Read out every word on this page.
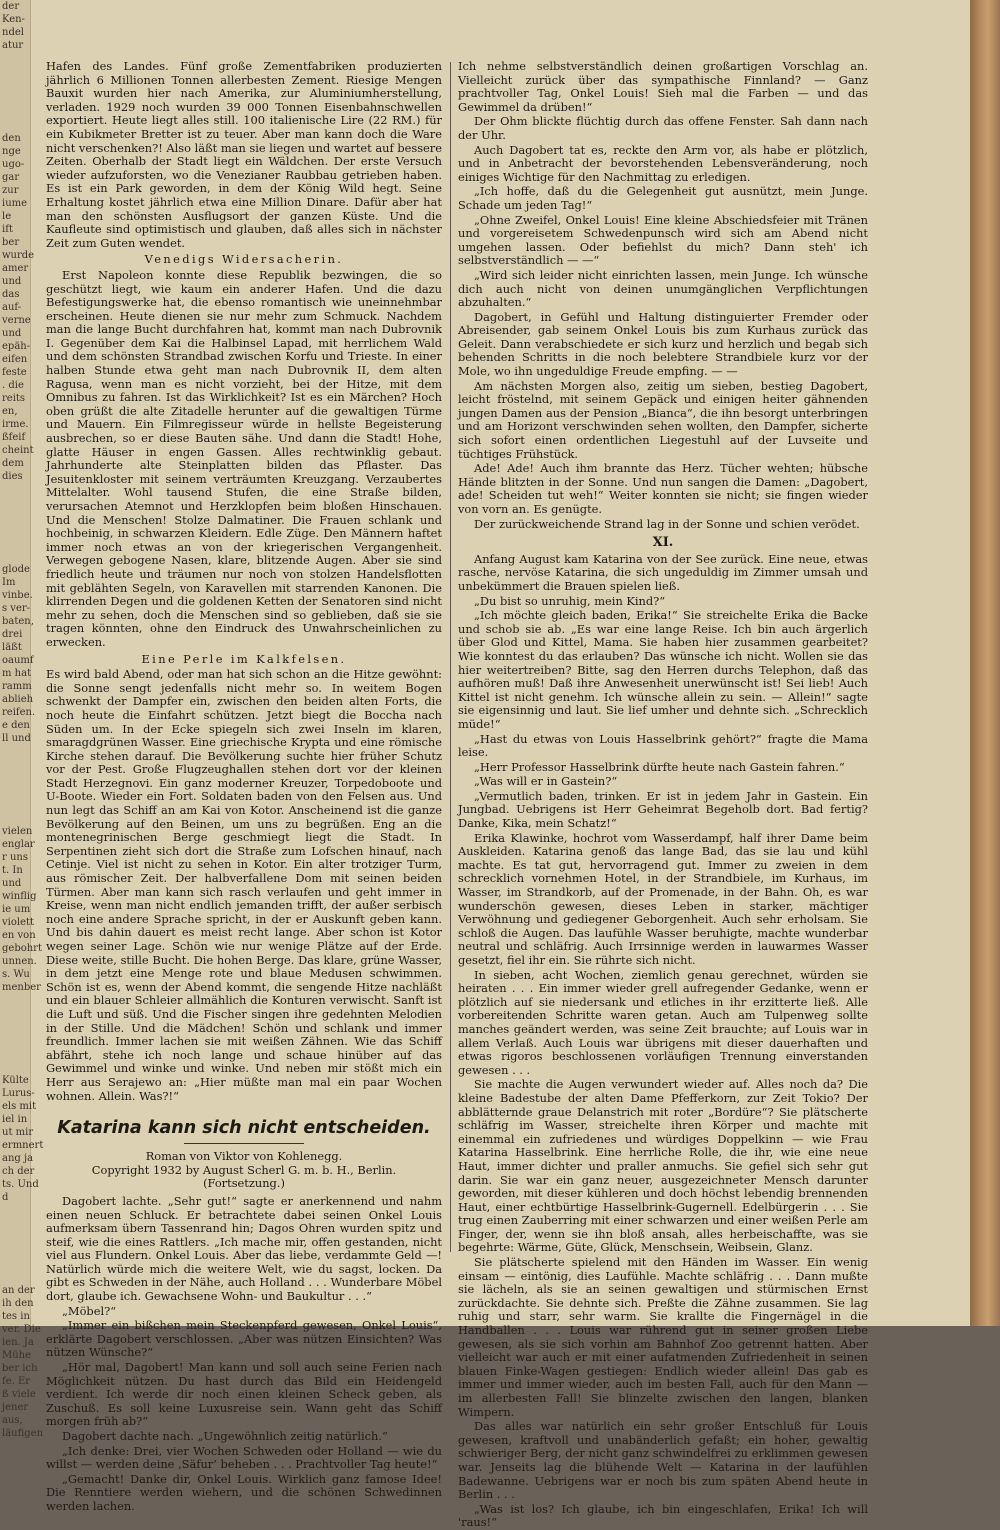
der
Ken-
ndel
atur
den
nge
ugo-
gar
zur
iume
le
ift
ber
wurde
amer
und
das
auf-
verne
und
epäh-
eifen
feste
. die
reits
en,
irme.
ßfeif
cheint
dem
dies
glode
Im
vinbe.
s ver-
baten,
drei
läßt
oaumf
m hat
ramm
ablieh
reifen.
e den
ll und
vielen
englar
r uns
t. In
und
winflig
ie um
violett
en von
gebohrt
unnen.
s. Wu
menber
Külte
Lurus-
els mit
iel in
ut mir
ermnert
ang ja
ch der
ts. Und
d
an der
ih den
tes in
ver. Die
ien. Ja
Mühe
ber ich
fe. Er
ß viele
jener
aus,
läufigen

Hafen des Landes. Fünf große Zementfabriken produzierten jährlich 6 Millionen Tonnen allerbesten Zement. Riesige Mengen Bauxit wurden hier nach Amerika, zur Aluminiumherstellung, verladen. 1929 noch wurden 39 000 Tonnen Eisenbahnschwellen exportiert. Heute liegt alles still. 100 italienische Lire (22 RM.) für ein Kubikmeter Bretter ist zu teuer. Aber man kann doch die Ware nicht verschenken?! Also läßt man sie liegen und wartet auf bessere Zeiten. Oberhalb der Stadt liegt ein Wäldchen. Der erste Versuch wieder aufzuforsten, wo die Venezianer Raubbau getrieben haben. Es ist ein Park geworden, in dem der König Wild hegt. Seine Erhaltung kostet jährlich etwa eine Million Dinare. Dafür aber hat man den schönsten Ausflugsort der ganzen Küste. Und die Kaufleute sind optimistisch und glauben, daß alles sich in nächster Zeit zum Guten wendet.

Venedigs Widersacherin.

Erst Napoleon konnte diese Republik bezwingen, die so geschützt liegt, wie kaum ein anderer Hafen. Und die dazu Befestigungswerke hat, die ebenso romantisch wie uneinnehmbar erscheinen. Heute dienen sie nur mehr zum Schmuck. Nachdem man die lange Bucht durchfahren hat, kommt man nach Dubrovnik I. Gegenüber dem Kai die Halbinsel Lapad, mit herrlichem Wald und dem schönsten Strandbad zwischen Korfu und Trieste. In einer halben Stunde etwa geht man nach Dubrovnik II, dem alten Ragusa, wenn man es nicht vorzieht, bei der Hitze, mit dem Omnibus zu fahren. Ist das Wirklichkeit? Ist es ein Märchen? Hoch oben grüßt die alte Zitadelle herunter auf die gewaltigen Türme und Mauern. Ein Filmregisseur würde in hellste Begeisterung ausbrechen, so er diese Bauten sähe. Und dann die Stadt! Hohe, glatte Häuser in engen Gassen. Alles rechtwinklig gebaut. Jahrhunderte alte Steinplatten bilden das Pflaster. Das Jesuitenkloster mit seinem verträumten Kreuzgang. Verzaubertes Mittelalter. Wohl tausend Stufen, die eine Straße bilden, verursachen Atemnot und Herzklopfen beim bloßen Hinschauen. Und die Menschen! Stolze Dalmatiner. Die Frauen schlank und hochbeinig, in schwarzen Kleidern. Edle Züge. Den Männern haftet immer noch etwas an von der kriegerischen Vergangenheit. Verwegen gebogene Nasen, klare, blitzende Augen. Aber sie sind friedlich heute und träumen nur noch von stolzen Handelsflotten mit geblähten Segeln, von Karavellen mit starrenden Kanonen. Die klirrenden Degen und die goldenen Ketten der Senatoren sind nicht mehr zu sehen, doch die Menschen sind so geblieben, daß sie sie tragen könnten, ohne den Eindruck des Unwahrscheinlichen zu erwecken.

Eine Perle im Kalkfelsen.

Es wird bald Abend, oder man hat sich schon an die Hitze gewöhnt: die Sonne sengt jedenfalls nicht mehr so. In weitem Bogen schwenkt der Dampfer ein, zwischen den beiden alten Forts, die noch heute die Einfahrt schützen. Jetzt biegt die Boccha nach Süden um. In der Ecke spiegeln sich zwei Inseln im klaren, smaragdgrünen Wasser. Eine griechische Krypta und eine römische Kirche stehen darauf. Die Bevölkerung suchte hier früher Schutz vor der Pest. Große Flugzeughallen stehen dort vor der kleinen Stadt Herzegnovi. Ein ganz moderner Kreuzer, Torpedoboote und U-Boote. Wieder ein Fort. Soldaten baden von den Felsen aus. Und nun legt das Schiff an am Kai von Kotor. Anscheinend ist die ganze Bevölkerung auf den Beinen, um uns zu begrüßen. Eng an die montenegrinischen Berge geschmiegt liegt die Stadt. In Serpentinen zieht sich dort die Straße zum Lofschen hinauf, nach Cetinje. Viel ist nicht zu sehen in Kotor. Ein alter trotziger Turm, aus römischer Zeit. Der halbverfallene Dom mit seinen beiden Türmen. Aber man kann sich rasch verlaufen und geht immer in Kreise, wenn man nicht endlich jemanden trifft, der außer serbisch noch eine andere Sprache spricht, in der er Auskunft geben kann. Und bis dahin dauert es meist recht lange. Aber schon ist Kotor wegen seiner Lage. Schön wie nur wenige Plätze auf der Erde. Diese weite, stille Bucht. Die hohen Berge. Das klare, grüne Wasser, in dem jetzt eine Menge rote und blaue Medusen schwimmen. Schön ist es, wenn der Abend kommt, die sengende Hitze nachläßt und ein blauer Schleier allmählich die Konturen verwischt. Sanft ist die Luft und süß. Und die Fischer singen ihre gedehnten Melodien in der Stille. Und die Mädchen! Schön und schlank und immer freundlich. Immer lachen sie mit weißen Zähnen. Wie das Schiff abfährt, stehe ich noch lange und schaue hinüber auf das Gewimmel und winke und winke. Und neben mir stößt mich ein Herr aus Serajewo an: „Hier müßte man mal ein paar Wochen wohnen. Allein. Was?!“

Katarina kann sich nicht entscheiden.

Roman von Viktor von Kohlenegg.

Copyright 1932 by August Scherl G. m. b. H., Berlin.

(Fortsetzung.)

Dagobert lachte. „Sehr gut!“ sagte er anerkennend und nahm einen neuen Schluck. Er betrachtete dabei seinen Onkel Louis aufmerksam übern Tassenrand hin; Dagos Ohren wurden spitz und steif, wie die eines Rattlers. „Ich mache mir, offen gestanden, nicht viel aus Flundern. Onkel Louis. Aber das liebe, verdammte Geld —! Natürlich würde mich die weitere Welt, wie du sagst, locken. Da gibt es Schweden in der Nähe, auch Holland . . . Wunderbare Möbel dort, glaube ich. Gewachsene Wohn- und Baukultur . . .“

„Möbel?“

„Immer ein bißchen mein Steckenpferd gewesen, Onkel Louis“, erklärte Dagobert verschlossen. „Aber was nützen Einsichten? Was nützen Wünsche?“

„Hör mal, Dagobert! Man kann und soll auch seine Ferien nach Möglichkeit nützen. Du hast durch das Bild ein Heidengeld verdient. Ich werde dir noch einen kleinen Scheck geben, als Zuschuß. Es soll keine Luxusreise sein. Wann geht das Schiff morgen früh ab?“

Dagobert dachte nach. „Ungewöhnlich zeitig natürlich.“

„Ich denke: Drei, vier Wochen Schweden oder Holland — wie du willst — werden deine ‚Säfur‘ beheben . . . Prachtvoller Tag heute!“

„Gemacht! Danke dir, Onkel Louis. Wirklich ganz famose Idee! Die Renntiere werden wiehern, und die schönen Schwedinnen werden lachen.

Ich nehme selbstverständlich deinen großartigen Vorschlag an. Vielleicht zurück über das sympathische Finnland? — Ganz prachtvoller Tag, Onkel Louis! Sieh mal die Farben — und das Gewimmel da drüben!“

Der Ohm blickte flüchtig durch das offene Fenster. Sah dann nach der Uhr.

Auch Dagobert tat es, reckte den Arm vor, als habe er plötzlich, und in Anbetracht der bevorstehenden Lebensveränderung, noch einiges Wichtige für den Nachmittag zu erledigen.

„Ich hoffe, daß du die Gelegenheit gut ausnützt, mein Junge. Schade um jeden Tag!“

„Ohne Zweifel, Onkel Louis! Eine kleine Abschiedsfeier mit Tränen und vorgereisetem Schwedenpunsch wird sich am Abend nicht umgehen lassen. Oder befiehlst du mich? Dann steh' ich selbstverständlich — —“

„Wird sich leider nicht einrichten lassen, mein Junge. Ich wünsche dich auch nicht von deinen unumgänglichen Verpflichtungen abzuhalten.“

Dagobert, in Gefühl und Haltung distinguierter Fremder oder Abreisender, gab seinem Onkel Louis bis zum Kurhaus zurück das Geleit. Dann verabschiedete er sich kurz und herzlich und begab sich behenden Schritts in die noch belebtere Strandbiele kurz vor der Mole, wo ihn ungeduldige Freude empfing. — —

Am nächsten Morgen also, zeitig um sieben, bestieg Dagobert, leicht fröstelnd, mit seinem Gepäck und einigen heiter gähnenden jungen Damen aus der Pension „Bianca“, die ihn besorgt unterbringen und am Horizont verschwinden sehen wollten, den Dampfer, sicherte sich sofort einen ordentlichen Liegestuhl auf der Luvseite und tüchtiges Frühstück.

Ade! Ade! Auch ihm brannte das Herz. Tücher wehten; hübsche Hände blitzten in der Sonne. Und nun sangen die Damen: „Dagobert, ade! Scheiden tut weh!“ Weiter konnten sie nicht; sie fingen wieder von vorn an. Es genügte.

Der zurückweichende Strand lag in der Sonne und schien verödet.

XI.

Anfang August kam Katarina von der See zurück. Eine neue, etwas rasche, nervöse Katarina, die sich ungeduldig im Zimmer umsah und unbekümmert die Brauen spielen ließ.

„Du bist so unruhig, mein Kind?“

„Ich möchte gleich baden, Erika!“ Sie streichelte Erika die Backe und schob sie ab. „Es war eine lange Reise. Ich bin auch ärgerlich über Glod und Kittel, Mama. Sie haben hier zusammen gearbeitet? Wie konntest du das erlauben? Das wünsche ich nicht. Wollen sie das hier weitertreiben? Bitte, sag den Herren durchs Telephon, daß das aufhören muß! Daß ihre Anwesenheit unerwünscht ist! Sei lieb! Auch Kittel ist nicht genehm. Ich wünsche allein zu sein. — Allein!“ sagte sie eigensinnig und laut. Sie lief umher und dehnte sich. „Schrecklich müde!“

„Hast du etwas von Louis Hasselbrink gehört?“ fragte die Mama leise.

„Herr Professor Hasselbrink dürfte heute nach Gastein fahren.“

„Was will er in Gastein?“

„Vermutlich baden, trinken. Er ist in jedem Jahr in Gastein. Ein Jungbad. Uebrigens ist Herr Geheimrat Begeholb dort. Bad fertig? Danke, Kika, mein Schatz!“

Erika Klawinke, hochrot vom Wasserdampf, half ihrer Dame beim Auskleiden. Katarina genoß das lange Bad, das sie lau und kühl machte. Es tat gut, hervorragend gut. Immer zu zweien in dem schrecklich vornehmen Hotel, in der Strandbiele, im Kurhaus, im Wasser, im Strandkorb, auf der Promenade, in der Bahn. Oh, es war wunderschön gewesen, dieses Leben in starker, mächtiger Verwöhnung und gediegener Geborgenheit. Auch sehr erholsam. Sie schloß die Augen. Das laufühle Wasser beruhigte, machte wunderbar neutral und schläfrig. Auch Irrsinnige werden in lauwarmes Wasser gesetzt, fiel ihr ein. Sie rührte sich nicht.

In sieben, acht Wochen, ziemlich genau gerechnet, würden sie heiraten . . . Ein immer wieder grell aufregender Gedanke, wenn er plötzlich auf sie niedersank und etliches in ihr erzitterte ließ. Alle vorbereitenden Schritte waren getan. Auch am Tulpenweg sollte manches geändert werden, was seine Zeit brauchte; auf Louis war in allem Verlaß. Auch Louis war übrigens mit dieser dauerhaften und etwas rigoros beschlossenen vorläufigen Trennung einverstanden gewesen . . .

Sie machte die Augen verwundert wieder auf. Alles noch da? Die kleine Badestube der alten Dame Pfefferkorn, zur Zeit Tokio? Der abblätternde graue Delanstrich mit roter „Bordüre“? Sie plätscherte schläfrig im Wasser, streichelte ihren Körper und machte mit einemmal ein zufriedenes und würdiges Doppelkinn — wie Frau Katarina Hasselbrink. Eine herrliche Rolle, die ihr, wie eine neue Haut, immer dichter und praller anmuchs. Sie gefiel sich sehr gut darin. Sie war ein ganz neuer, ausgezeichneter Mensch darunter geworden, mit dieser kühleren und doch höchst lebendig brennenden Haut, einer echtbürtige Hasselbrink-Gugernell. Edelbürgerin . . . Sie trug einen Zauberring mit einer schwarzen und einer weißen Perle am Finger, der, wenn sie ihn bloß ansah, alles herbeischaffte, was sie begehrte: Wärme, Güte, Glück, Menschsein, Weibsein, Glanz.

Sie plätscherte spielend mit den Händen im Wasser. Ein wenig einsam — eintönig, dies Laufühle. Machte schläfrig . . . Dann mußte sie lächeln, als sie an seinen gewaltigen und stürmischen Ernst zurückdachte. Sie dehnte sich. Preßte die Zähne zusammen. Sie lag ruhig und starr, sehr warm. Sie krallte die Fingernägel in die Handballen . . . Louis war rührend gut in seiner großen Liebe gewesen, als sie sich vorhin am Bahnhof Zoo getrennt hatten. Aber vielleicht war auch er mit einer aufatmenden Zufriedenheit in seinen blauen Finke-Wagen gestiegen: Endlich wieder allein! Das gab es immer und immer wieder, auch im besten Fall, auch für den Mann — im allerbesten Fall! Sie blinzelte zwischen den langen, blanken Wimpern.

Das alles war natürlich ein sehr großer Entschluß für Louis gewesen, kraftvoll und unabänderlich gefaßt; ein hoher, gewaltig schwieriger Berg, der nicht ganz schwindelfrei zu erklimmen gewesen war. Jenseits lag die blühende Welt — Katarina in der laufühlen Badewanne. Uebrigens war er noch bis zum späten Abend heute in Berlin . . .

„Was ist los? Ich glaube, ich bin eingeschlafen, Erika! Ich will 'raus!“
